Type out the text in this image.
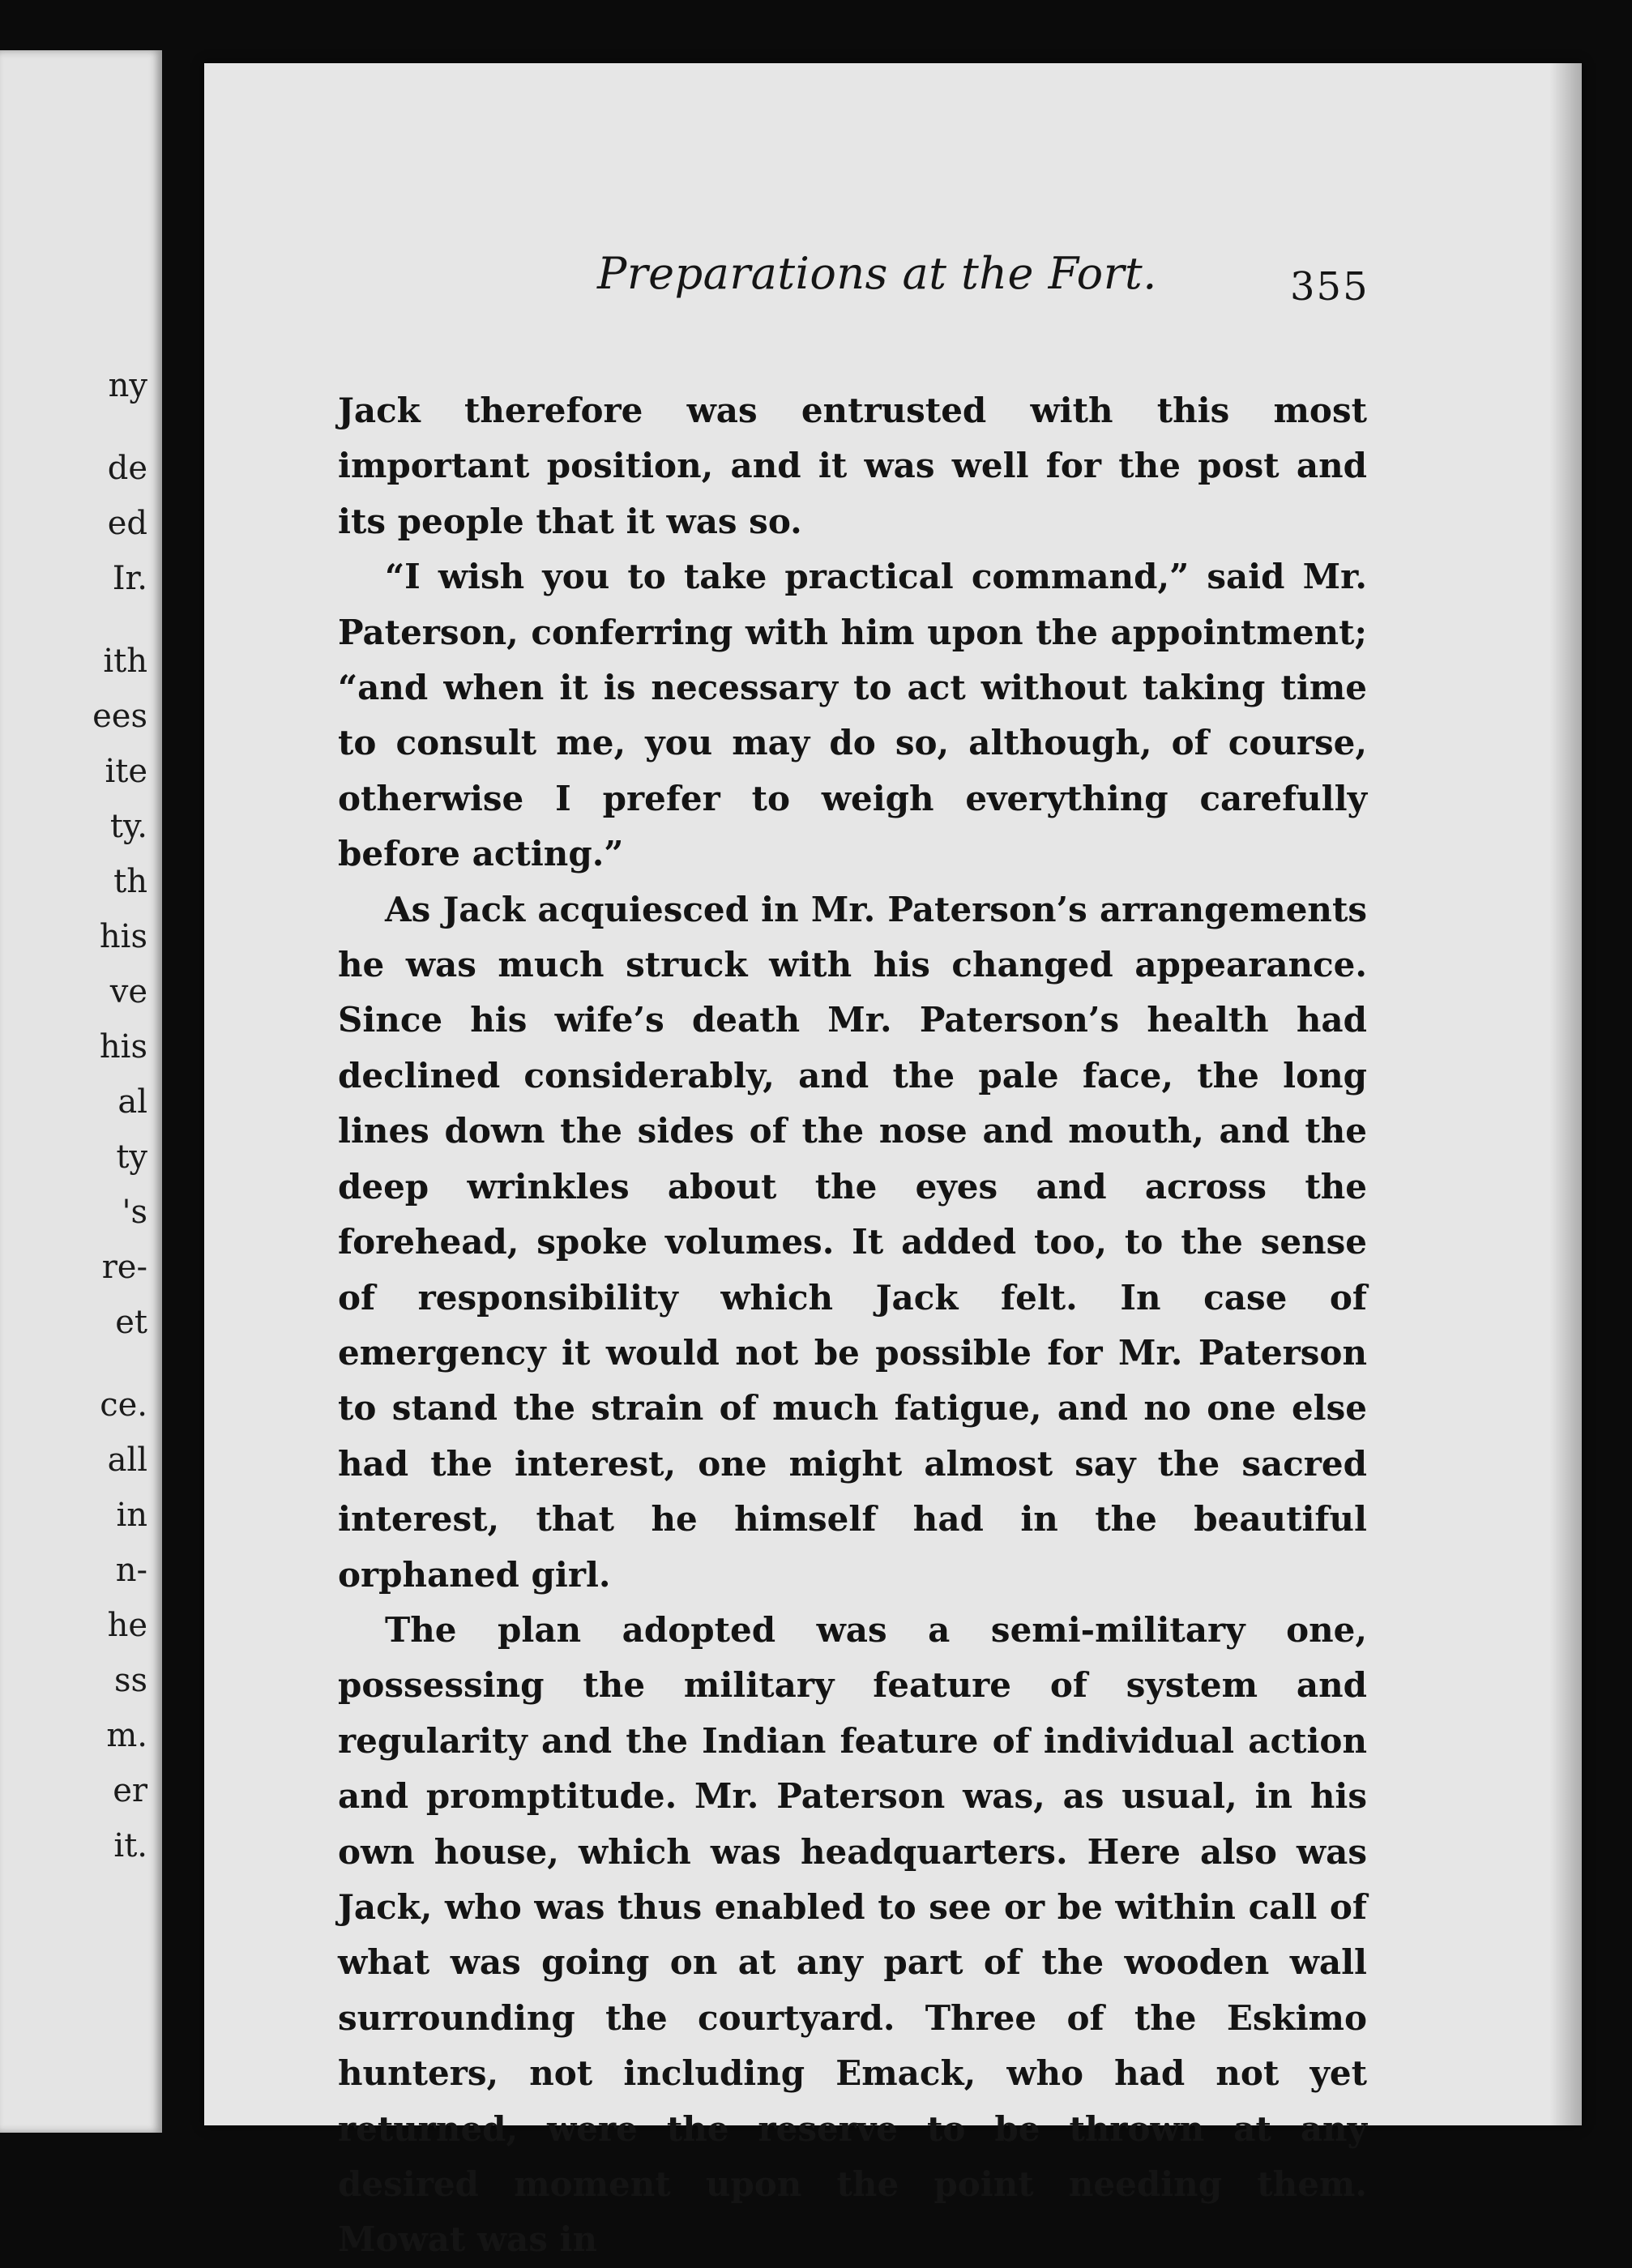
ny
de
ed
Ir.
ith
ees
ite
ty.
th
his
ve
his
al
ty
's
re-
et
ce.
all
in
n-
he
ss
m.
er
it.
Preparations at the Fort.	355

Jack therefore was entrusted with this most important position, and it was well for the post and its people that it was so.

“I wish you to take practical command,” said Mr. Paterson, conferring with him upon the appointment; “and when it is necessary to act without taking time to consult me, you may do so, although, of course, otherwise I prefer to weigh everything carefully before acting.”

As Jack acquiesced in Mr. Paterson’s arrangements he was much struck with his changed appearance. Since his wife’s death Mr. Paterson’s health had declined considerably, and the pale face, the long lines down the sides of the nose and mouth, and the deep wrinkles about the eyes and across the forehead, spoke volumes. It added too, to the sense of responsibility which Jack felt. In case of emergency it would not be possible for Mr. Paterson to stand the strain of much fatigue, and no one else had the interest, one might almost say the sacred interest, that he himself had in the beautiful orphaned girl.

The plan adopted was a semi-military one, possessing the military feature of system and regularity and the Indian feature of individual action and promptitude. Mr. Paterson was, as usual, in his own house, which was headquarters. Here also was Jack, who was thus enabled to see or be within call of what was going on at any part of the wooden wall surrounding the courtyard. Three of the Eskimo hunters, not including Emack, who had not yet returned, were the reserve to be thrown at any desired moment upon the point needing them. Mowat was in
